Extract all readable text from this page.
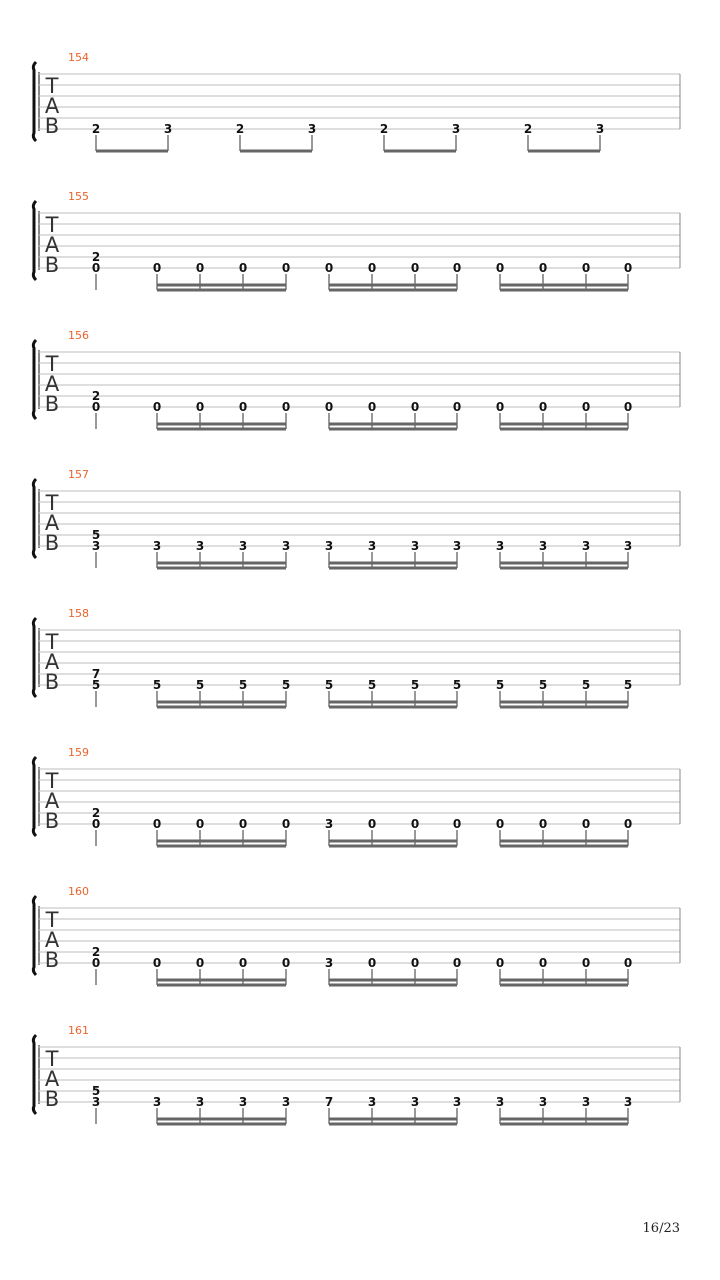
T
A
B
154
2	3	2	3	2	3	2	3
T
A
B
155
2
0	0	0	0	0	0	0	0	0	0	0	0	0
T
A
B
156
2
0	0	0	0	0	0	0	0	0	0	0	0	0
T
A
B
157
5
3	3	3	3	3	3	3	3	3	3	3	3	3
T
A
B
158
7
5	5	5	5	5	5	5	5	5	5	5	5	5
T
A
B
159
2
0	0	0	0	0	3	0	0	0	0	0	0	0
T
A
B
160
2
0	0	0	0	0	3	0	0	0	0	0	0	0
T
A
B
161
5
3	3	3	3	3	7	3	3	3	3	3	3	3
16/23
